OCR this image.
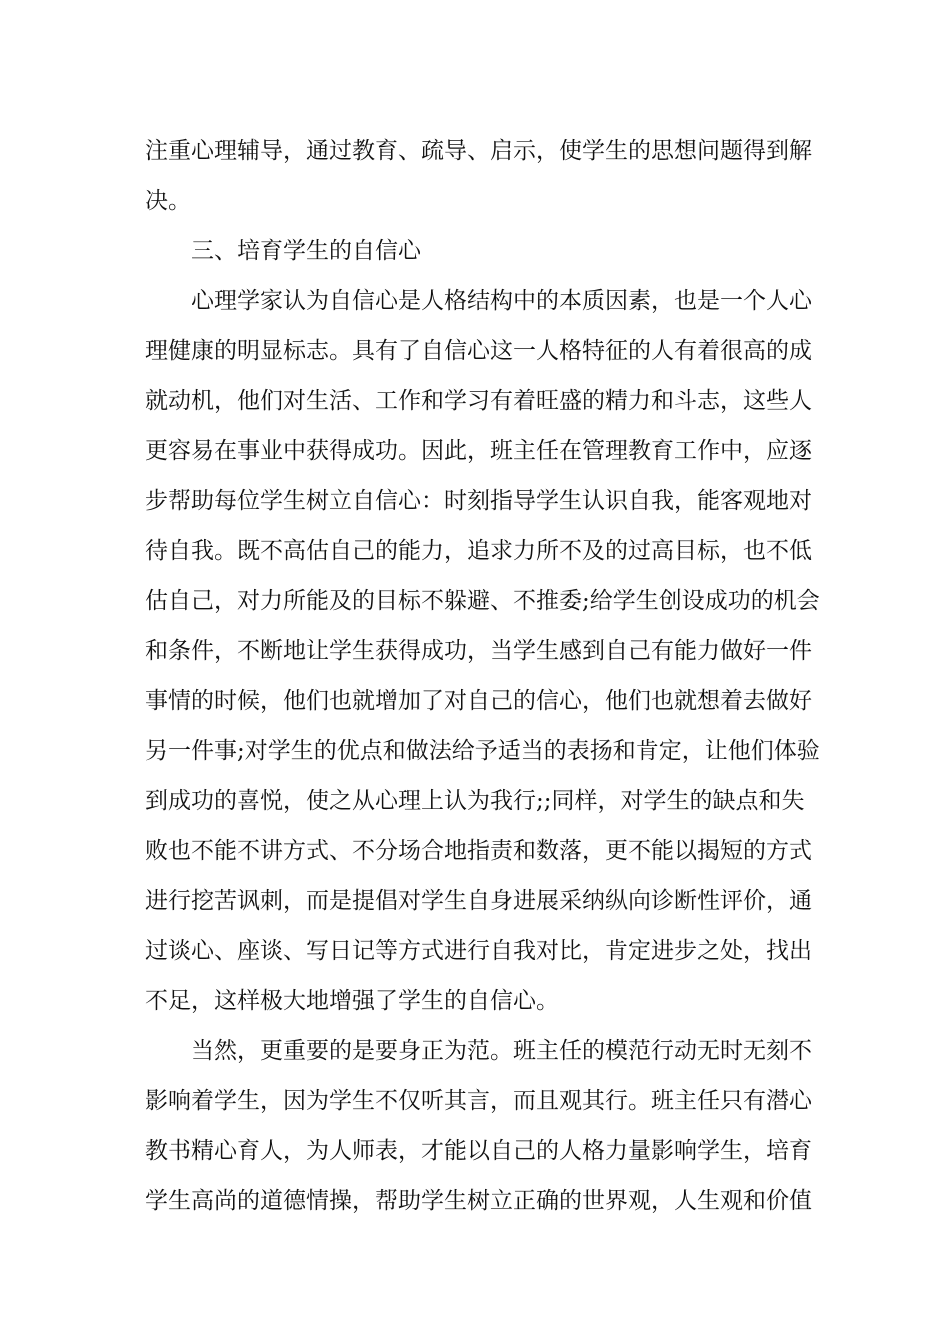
注重心理辅导，通过教育、疏导、启示，使学生的思想问题得到解

决。

三、培育学生的自信心

心理学家认为自信心是人格结构中的本质因素，也是一个人心

理健康的明显标志。具有了自信心这一人格特征的人有着很高的成

就动机，他们对生活、工作和学习有着旺盛的精力和斗志，这些人

更容易在事业中获得成功。因此，班主任在管理教育工作中，应逐

步帮助每位学生树立自信心：时刻指导学生认识自我，能客观地对

待自我。既不高估自己的能力，追求力所不及的过高目标，也不低

估自己，对力所能及的目标不躲避、不推委;给学生创设成功的机会

和条件，不断地让学生获得成功，当学生感到自己有能力做好一件

事情的时候，他们也就增加了对自己的信心，他们也就想着去做好

另一件事;对学生的优点和做法给予适当的表扬和肯定，让他们体验

到成功的喜悦，使之从心理上认为我行;;同样，对学生的缺点和失

败也不能不讲方式、不分场合地指责和数落，更不能以揭短的方式

进行挖苦讽刺，而是提倡对学生自身进展采纳纵向诊断性评价，通

过谈心、座谈、写日记等方式进行自我对比，肯定进步之处，找出

不足，这样极大地增强了学生的自信心。

当然，更重要的是要身正为范。班主任的模范行动无时无刻不

影响着学生，因为学生不仅听其言，而且观其行。班主任只有潜心

教书精心育人，为人师表，才能以自己的人格力量影响学生，培育

学生高尚的道德情操，帮助学生树立正确的世界观，人生观和价值
